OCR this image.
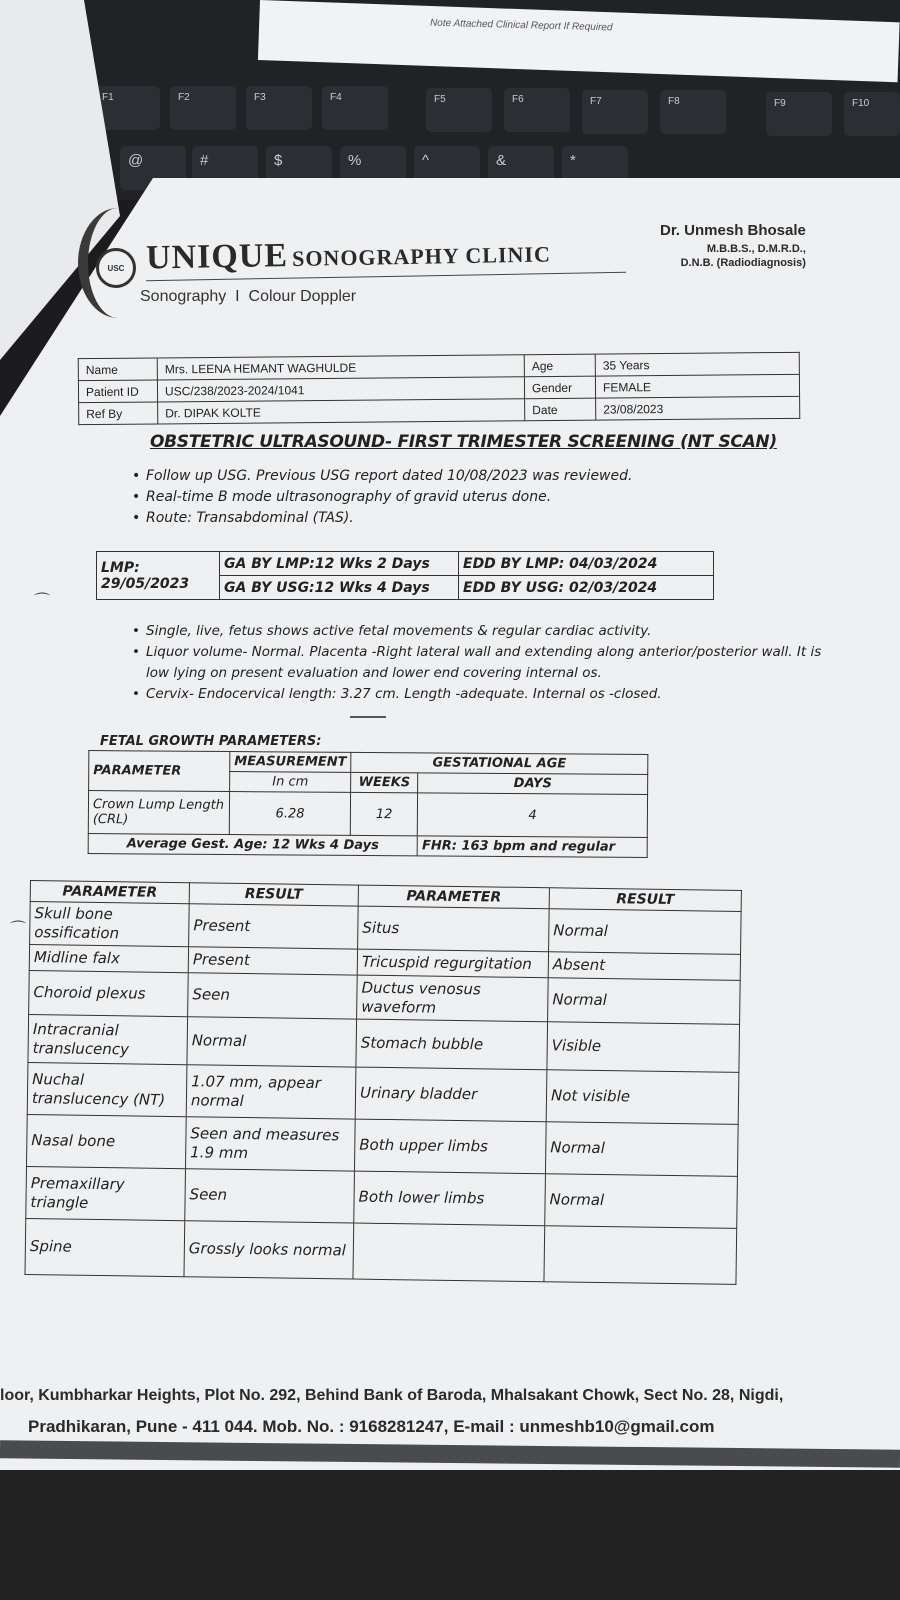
F1	F2	F3	F4	F5	F6	F7	F8	F9	F10
@	#	$	%	^	&	*
Note Attached Clinical Report If Required
USC UNIQUE SONOGRAPHY CLINIC
Sonography  I  Colour Doppler
Dr. Unmesh Bhosale
M.B.B.S., D.M.R.D.,
D.N.B. (Radiodiagnosis)
Name	Mrs. LEENA HEMANT WAGHULDE	Age	35 Years
Patient ID	USC/238/2023-2024/1041	Gender	FEMALE
Ref By	Dr. DIPAK KOLTE	Date	23/08/2023
OBSTETRIC ULTRASOUND- FIRST TRIMESTER SCREENING (NT SCAN)
• Follow up USG. Previous USG report dated 10/08/2023 was reviewed.
• Real-time B mode ultrasonography of gravid uterus done.
• Route: Transabdominal (TAS).
LMP: 29/05/2023	GA BY LMP:12 Wks 2 Days	EDD BY LMP: 04/03/2024
	GA BY USG:12 Wks 4 Days	EDD BY USG: 02/03/2024
• Single, live, fetus shows active fetal movements & regular cardiac activity.
• Liquor volume- Normal. Placenta -Right lateral wall and extending along anterior/posterior wall. It is low lying on present evaluation and lower end covering internal os.
• Cervix- Endocervical length: 3.27 cm. Length -adequate. Internal os -closed.
FETAL GROWTH PARAMETERS:
PARAMETER	MEASUREMENT	GESTATIONAL AGE	
	In cm	WEEKS	DAYS
Crown Lump Length (CRL)	6.28	12	4
Average Gest. Age: 12 Wks 4 Days			FHR: 163 bpm and regular
PARAMETER	RESULT	PARAMETER	RESULT
Skull bone ossification	Present	Situs	Normal
Midline falx	Present	Tricuspid regurgitation	Absent
Choroid plexus	Seen	Ductus venosus waveform	Normal
Intracranial translucency	Normal	Stomach bubble	Visible
Nuchal translucency (NT)	1.07 mm, appear normal	Urinary bladder	Not visible
Nasal bone	Seen and measures 1.9 mm	Both upper limbs	Normal
Premaxillary triangle	Seen	Both lower limbs	Normal
Spine	Grossly looks normal		
⌒
⌒
loor, Kumbharkar Heights, Plot No. 292, Behind Bank of Baroda, Mhalsakant Chowk, Sect No. 28, Nigdi,
Pradhikaran, Pune - 411 044. Mob. No. : 9168281247, E-mail : unmeshb10@gmail.com
